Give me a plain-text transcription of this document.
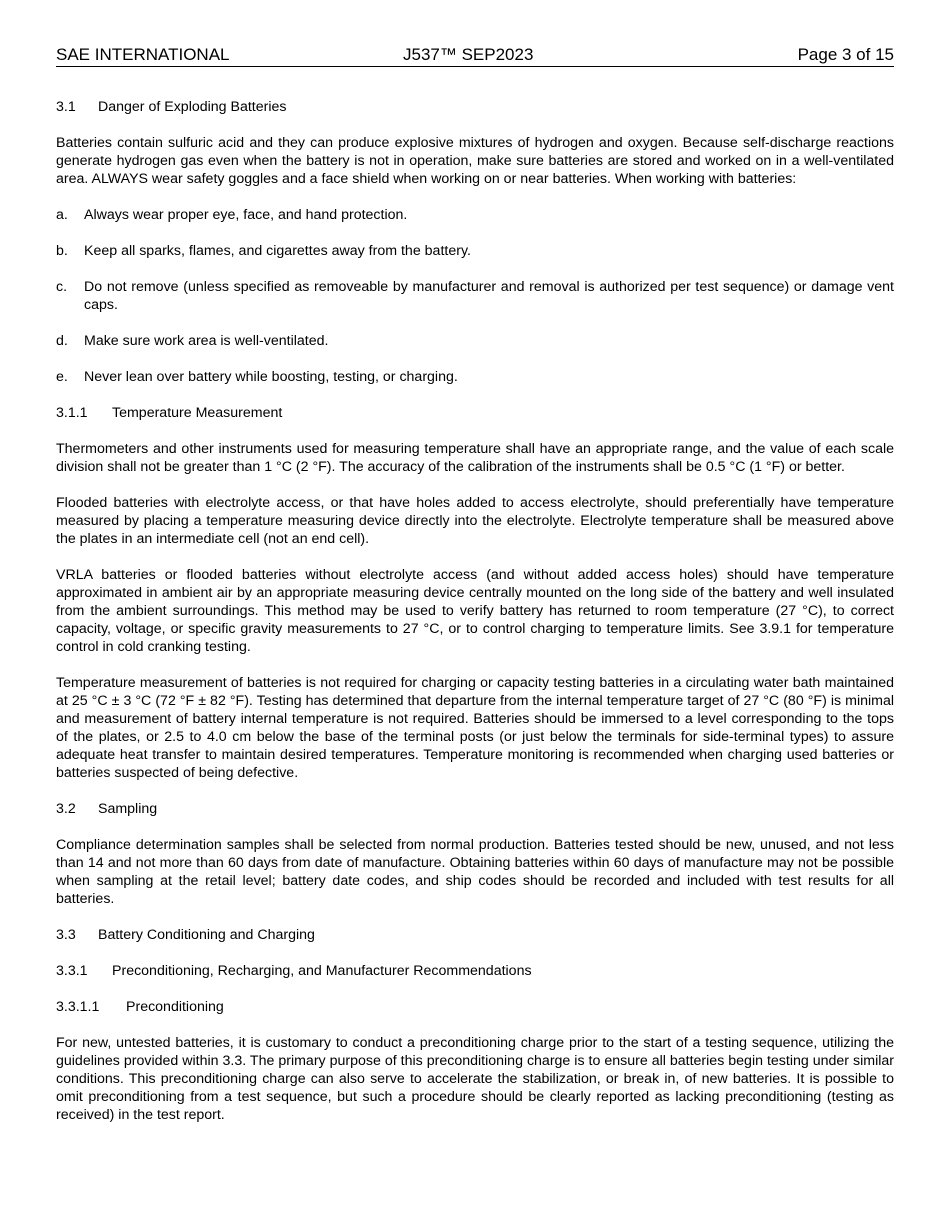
SAE INTERNATIONAL	J537™ SEP2023	Page 3 of 15
3.1	Danger of Exploding Batteries

Batteries contain sulfuric acid and they can produce explosive mixtures of hydrogen and oxygen. Because self-discharge reactions generate hydrogen gas even when the battery is not in operation, make sure batteries are stored and worked on in a well-ventilated area. ALWAYS wear safety goggles and a face shield when working on or near batteries. When working with batteries:

a.	Always wear proper eye, face, and hand protection.
b.	Keep all sparks, flames, and cigarettes away from the battery.
c.	Do not remove (unless specified as removeable by manufacturer and removal is authorized per test sequence) or damage vent caps.
d.	Make sure work area is well-ventilated.
e.	Never lean over battery while boosting, testing, or charging.
3.1.1	Temperature Measurement

Thermometers and other instruments used for measuring temperature shall have an appropriate range, and the value of each scale division shall not be greater than 1 °C (2 °F). The accuracy of the calibration of the instruments shall be 0.5 °C (1 °F) or better.

Flooded batteries with electrolyte access, or that have holes added to access electrolyte, should preferentially have temperature measured by placing a temperature measuring device directly into the electrolyte. Electrolyte temperature shall be measured above the plates in an intermediate cell (not an end cell).

VRLA batteries or flooded batteries without electrolyte access (and without added access holes) should have temperature approximated in ambient air by an appropriate measuring device centrally mounted on the long side of the battery and well insulated from the ambient surroundings. This method may be used to verify battery has returned to room temperature (27 °C), to correct capacity, voltage, or specific gravity measurements to 27 °C, or to control charging to temperature limits. See 3.9.1 for temperature control in cold cranking testing.

Temperature measurement of batteries is not required for charging or capacity testing batteries in a circulating water bath maintained at 25 °C ± 3 °C (72 °F ± 82 °F). Testing has determined that departure from the internal temperature target of 27 °C (80 °F) is minimal and measurement of battery internal temperature is not required. Batteries should be immersed to a level corresponding to the tops of the plates, or 2.5 to 4.0 cm below the base of the terminal posts (or just below the terminals for side-terminal types) to assure adequate heat transfer to maintain desired temperatures. Temperature monitoring is recommended when charging used batteries or batteries suspected of being defective.

3.2	Sampling

Compliance determination samples shall be selected from normal production. Batteries tested should be new, unused, and not less than 14 and not more than 60 days from date of manufacture. Obtaining batteries within 60 days of manufacture may not be possible when sampling at the retail level; battery date codes, and ship codes should be recorded and included with test results for all batteries.

3.3	Battery Conditioning and Charging
3.3.1	Preconditioning, Recharging, and Manufacturer Recommendations
3.3.1.1	Preconditioning

For new, untested batteries, it is customary to conduct a preconditioning charge prior to the start of a testing sequence, utilizing the guidelines provided within 3.3. The primary purpose of this preconditioning charge is to ensure all batteries begin testing under similar conditions. This preconditioning charge can also serve to accelerate the stabilization, or break in, of new batteries. It is possible to omit preconditioning from a test sequence, but such a procedure should be clearly reported as lacking preconditioning (testing as received) in the test report.
